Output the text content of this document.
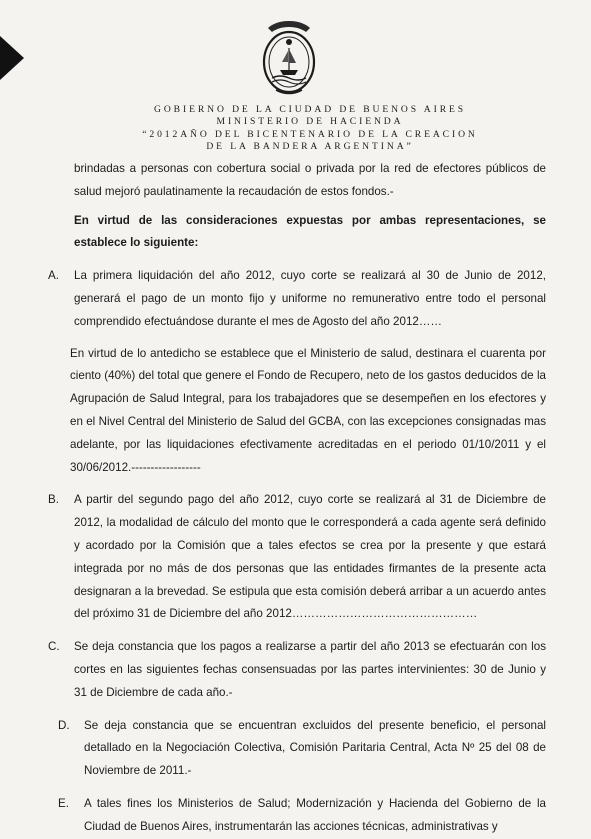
GOBIERNO DE LA CIUDAD DE BUENOS AIRES
MINISTERIO DE HACIENDA
“2012AÑO DEL BICENTENARIO DE LA CREACION
DE LA BANDERA ARGENTINA”

brindadas a personas con cobertura social o privada por la red de efectores públicos de salud mejoró paulatinamente la recaudación de estos fondos.-

En virtud de las consideraciones expuestas por ambas representaciones, se establece lo siguiente:

A.	La primera liquidación del año 2012, cuyo corte se realizará al 30 de Junio de 2012, generará el pago de un monto fijo y uniforme no remunerativo entre todo el personal comprendido efectuándose durante el mes de Agosto del año 2012……

En virtud de lo antedicho se establece que el Ministerio de salud, destinara el cuarenta por ciento (40%) del total que genere el Fondo de Recupero, neto de los gastos deducidos de la Agrupación de Salud Integral, para los trabajadores que se desempeñen en los efectores y en el Nivel Central del Ministerio de Salud del GCBA, con las excepciones consignadas mas adelante, por las liquidaciones efectivamente acreditadas en el periodo 01/10/2011 y el 30/06/2012.------------------

B.	A partir del segundo pago del año 2012, cuyo corte se realizará al 31 de Diciembre de 2012, la modalidad de cálculo del monto que le corresponderá a cada agente será definido y acordado por la Comisión que a tales efectos se crea por la presente y que estará integrada por no más de dos personas que las entidades firmantes de la presente acta designaran a la brevedad. Se estipula que esta comisión deberá arribar a un acuerdo antes del próximo 31 de Diciembre del año 2012…………………………………………
C.	Se deja constancia que los pagos a realizarse a partir del año 2013 se efectuarán con los cortes en las siguientes fechas consensuadas por las partes intervinientes: 30 de Junio y 31 de Diciembre de cada año.-
D.	Se deja constancia que se encuentran excluidos del presente beneficio, el personal detallado en la Negociación Colectiva, Comisión Paritaria Central, Acta Nº 25 del 08 de Noviembre de 2011.-
E.	A tales fines los Ministerios de Salud; Modernización y Hacienda del Gobierno de la Ciudad de Buenos Aires, instrumentarán las acciones técnicas, administrativas y
